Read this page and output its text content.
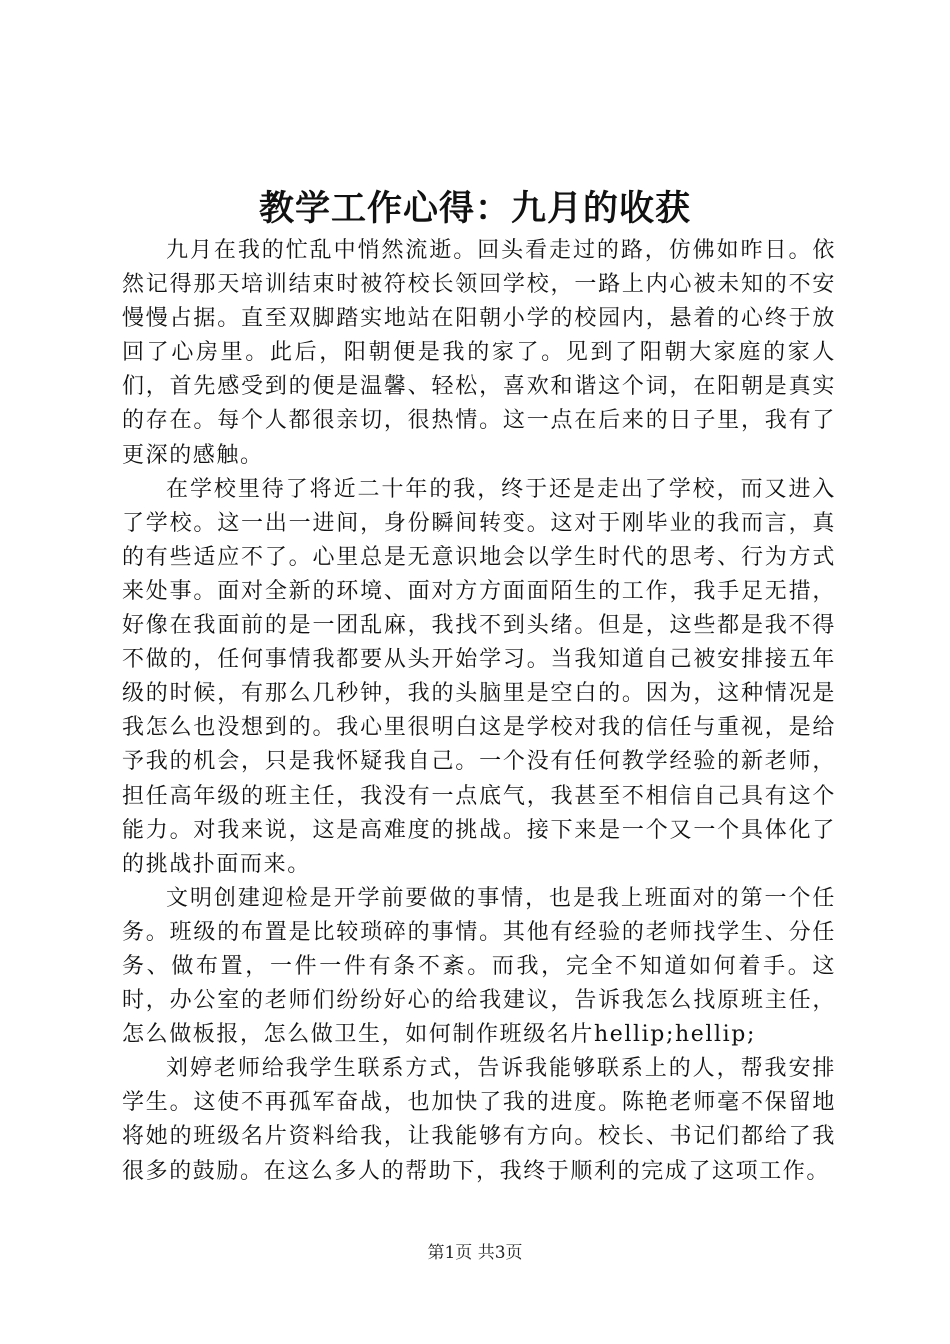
教学工作心得：九月的收获

九月在我的忙乱中悄然流逝。回头看走过的路，仿佛如昨日。依然记得那天培训结束时被符校长领回学校，一路上内心被未知的不安慢慢占据。直至双脚踏实地站在阳朝小学的校园内，悬着的心终于放回了心房里。此后，阳朝便是我的家了。见到了阳朝大家庭的家人们，首先感受到的便是温馨、轻松，喜欢和谐这个词，在阳朝是真实的存在。每个人都很亲切，很热情。这一点在后来的日子里，我有了更深的感触。

在学校里待了将近二十年的我，终于还是走出了学校，而又进入了学校。这一出一进间，身份瞬间转变。这对于刚毕业的我而言，真的有些适应不了。心里总是无意识地会以学生时代的思考、行为方式来处事。面对全新的环境、面对方方面面陌生的工作，我手足无措，好像在我面前的是一团乱麻，我找不到头绪。但是，这些都是我不得不做的，任何事情我都要从头开始学习。当我知道自己被安排接五年级的时候，有那么几秒钟，我的头脑里是空白的。因为，这种情况是我怎么也没想到的。我心里很明白这是学校对我的信任与重视，是给予我的机会，只是我怀疑我自己。一个没有任何教学经验的新老师，担任高年级的班主任，我没有一点底气，我甚至不相信自己具有这个能力。对我来说，这是高难度的挑战。接下来是一个又一个具体化了的挑战扑面而来。

文明创建迎检是开学前要做的事情，也是我上班面对的第一个任务。班级的布置是比较琐碎的事情。其他有经验的老师找学生、分任务、做布置，一件一件有条不紊。而我，完全不知道如何着手。这时，办公室的老师们纷纷好心的给我建议，告诉我怎么找原班主任，怎么做板报，怎么做卫生，如何制作班级名片hellip;hellip;

刘婷老师给我学生联系方式，告诉我能够联系上的人，帮我安排学生。这使不再孤军奋战，也加快了我的进度。陈艳老师毫不保留地将她的班级名片资料给我，让我能够有方向。校长、书记们都给了我很多的鼓励。在这么多人的帮助下，我终于顺利的完成了这项工作。

第1页 共3页
